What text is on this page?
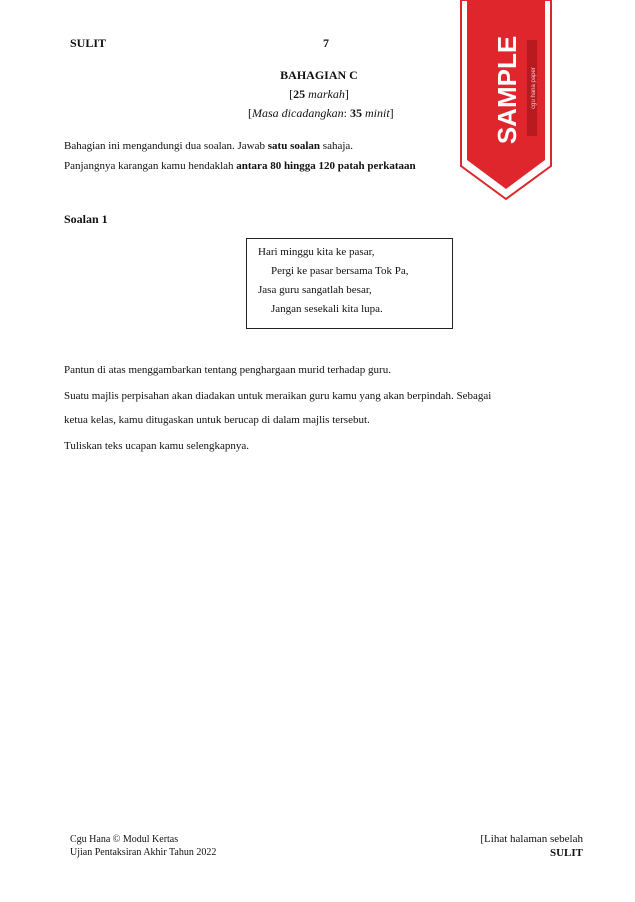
SULIT	7
BAHAGIAN C
[25 markah]
[Masa dicadangkan: 35 minit]
Bahagian ini mengandungi dua soalan. Jawab satu soalan sahaja.
Panjangnya karangan kamu hendaklah antara 80 hingga 120 patah perkataan
Soalan 1
Hari minggu kita ke pasar,
Pergi ke pasar bersama Tok Pa,
Jasa guru sangatlah besar,
Jangan sesekali kita lupa.
Pantun di atas menggambarkan tentang penghargaan murid terhadap guru.
Suatu majlis perpisahan akan diadakan untuk meraikan guru kamu yang akan berpindah. Sebagai
ketua kelas, kamu ditugaskan untuk berucap di dalam majlis tersebut.
Tuliskan teks ucapan kamu selengkapnya.
Cgu Hana © Modul Kertas
Ujian Pentaksiran Akhir Tahun 2022
[Lihat halaman sebelah
SULIT
SAMPLE cgu hana paper
